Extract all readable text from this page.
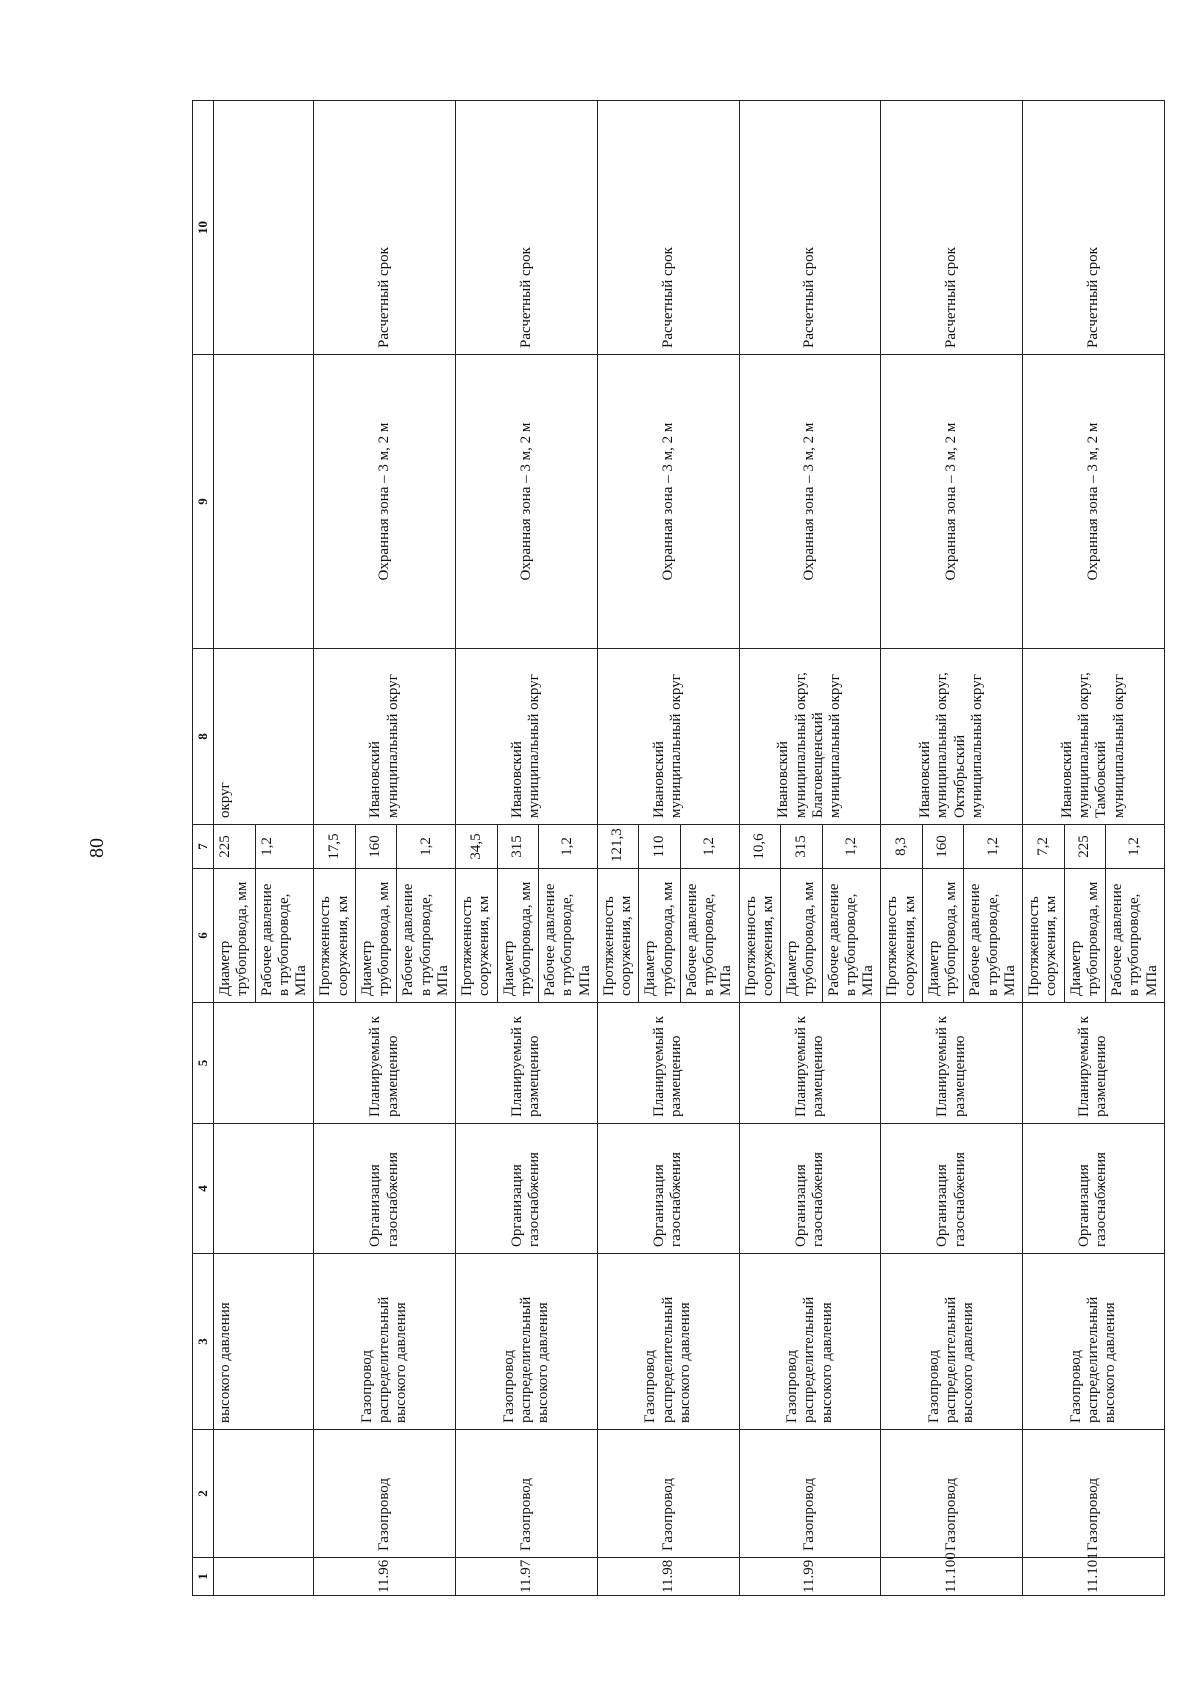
80
1	2	3	4	5	6	7	8	9	10
		высокого давления			Диаметр трубопровода, мм	225	округ		
					Рабочее давление в трубопроводе, МПа	1,2			
11.96	Газопровод	Газопровод распределительный высокого давления	Организация газоснабжения	Планируемый к размещению	Протяженность сооружения, км	17,5	Ивановский муниципальный округ	Охранная зона – 3 м, 2 м	Расчетный срок
					Диаметр трубопровода, мм	160			
					Рабочее давление в трубопроводе, МПа	1,2			
11.97	Газопровод	Газопровод распределительный высокого давления	Организация газоснабжения	Планируемый к размещению	Протяженность сооружения, км	34,5	Ивановский муниципальный округ	Охранная зона – 3 м, 2 м	Расчетный срок
					Диаметр трубопровода, мм	315			
					Рабочее давление в трубопроводе, МПа	1,2			
11.98	Газопровод	Газопровод распределительный высокого давления	Организация газоснабжения	Планируемый к размещению	Протяженность сооружения, км	121,3	Ивановский муниципальный округ	Охранная зона – 3 м, 2 м	Расчетный срок
					Диаметр трубопровода, мм	110			
					Рабочее давление в трубопроводе, МПа	1,2			
11.99	Газопровод	Газопровод распределительный высокого давления	Организация газоснабжения	Планируемый к размещению	Протяженность сооружения, км	10,6	Ивановский муниципальный округ, Благовещенский муниципальный округ	Охранная зона – 3 м, 2 м	Расчетный срок
					Диаметр трубопровода, мм	315			
					Рабочее давление в трубопроводе, МПа	1,2			
11.100	Газопровод	Газопровод распределительный высокого давления	Организация газоснабжения	Планируемый к размещению	Протяженность сооружения, км	8,3	Ивановский муниципальный округ, Октябрьский муниципальный округ	Охранная зона – 3 м, 2 м	Расчетный срок
					Диаметр трубопровода, мм	160			
					Рабочее давление в трубопроводе, МПа	1,2			
11.101	Газопровод	Газопровод распределительный высокого давления	Организация газоснабжения	Планируемый к размещению	Протяженность сооружения, км	7,2	Ивановский муниципальный округ, Тамбовский муниципальный округ	Охранная зона – 3 м, 2 м	Расчетный срок
					Диаметр трубопровода, мм	225			
					Рабочее давление в трубопроводе, МПа	1,2			
